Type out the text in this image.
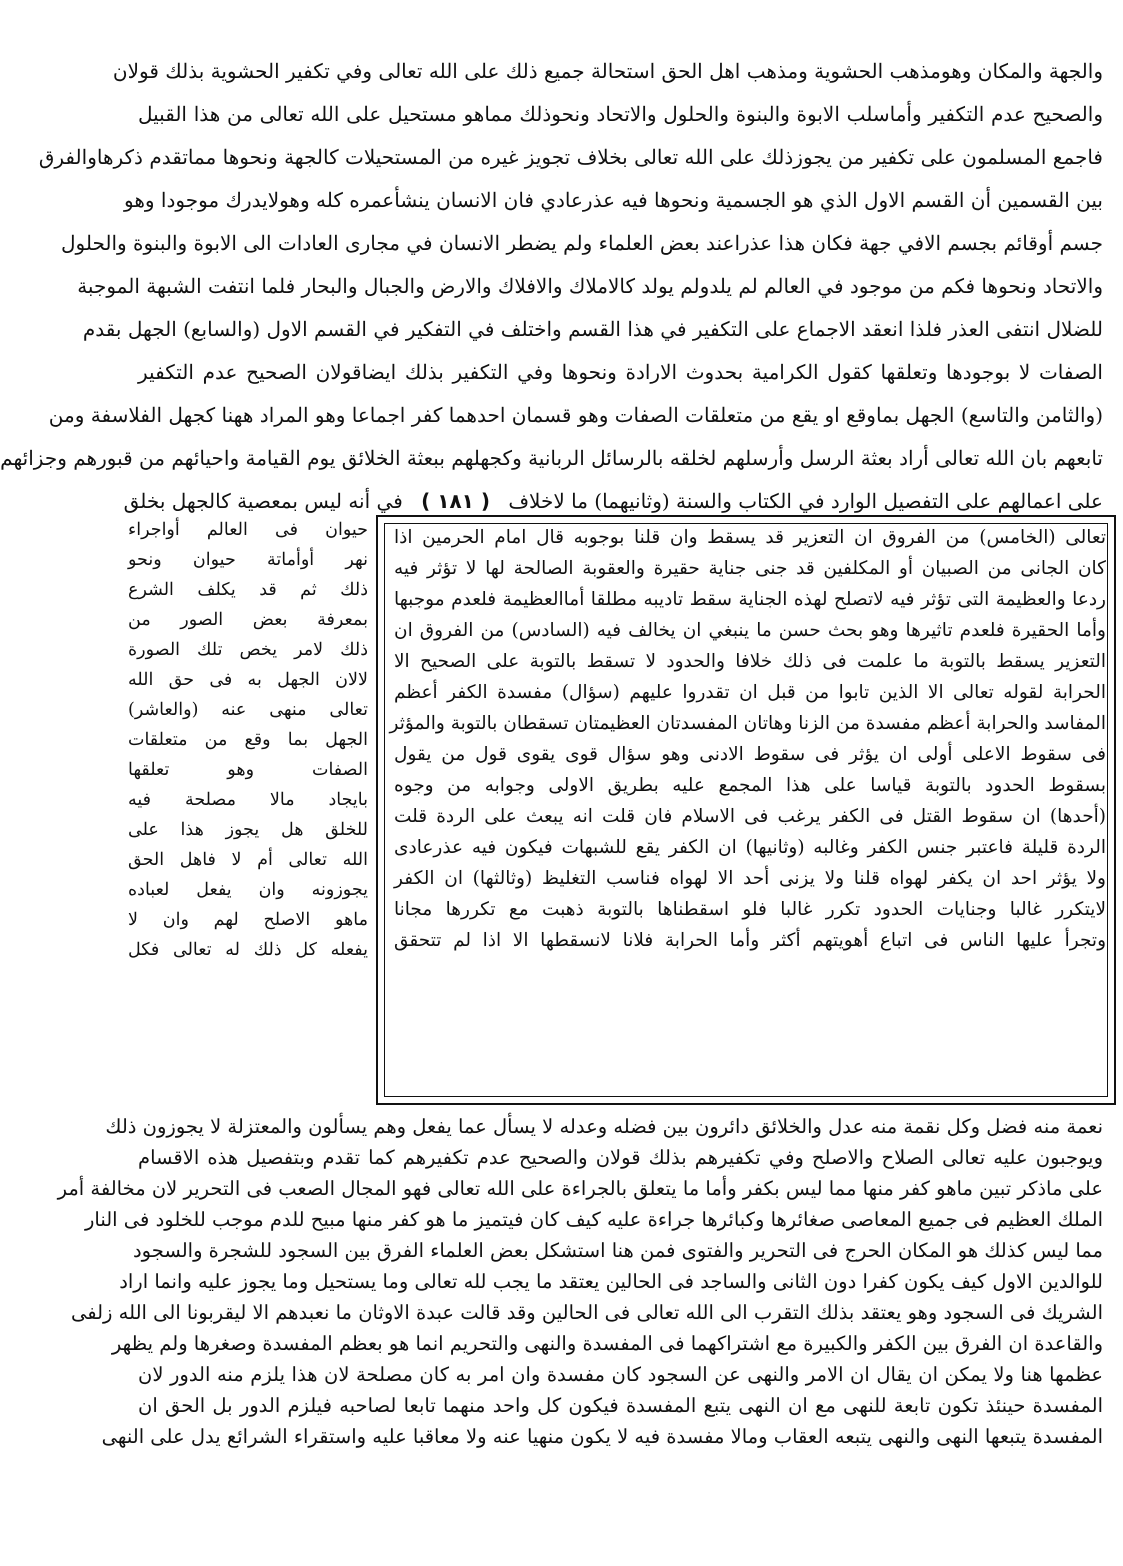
والجهة والمكان وهومذهب الحشوية ومذهب اهل الحق استحالة جميع ذلك على الله تعالى وفي تكفير الحشوية بذلك قولان
والصحيح عدم التكفير وأماسلب الابوة والبنوة والحلول والاتحاد ونحوذلك مماهو مستحيل على الله تعالى من هذا القبيل
فاجمع المسلمون على تكفير من يجوزذلك على الله تعالى بخلاف تجويز غيره من المستحيلات كالجهة ونحوها مماتقدم ذكرهاوالفرق
بين القسمين أن القسم الاول الذي هو الجسمية ونحوها فيه عذرعادي فان الانسان ينشأعمره كله وهولايدرك موجودا وهو
جسم أوقائم بجسم الافي جهة فكان هذا عذراعند بعض العلماء ولم يضطر الانسان في مجارى العادات الى الابوة والبنوة والحلول
والاتحاد ونحوها فكم من موجود في العالم لم يلدولم يولد كالاملاك والافلاك والارض والجبال والبحار فلما انتفت الشبهة الموجبة
للضلال انتفى العذر فلذا انعقد الاجماع على التكفير في هذا القسم واختلف في التفكير في القسم الاول (والسابع) الجهل بقدم
الصفات لا بوجودها وتعلقها كقول الكرامية بحدوث الارادة ونحوها وفي التكفير بذلك ايضاقولان الصحيح عدم التكفير
(والثامن والتاسع) الجهل بماوقع او يقع من متعلقات الصفات وهو قسمان احدهما كفر اجماعا وهو المراد ههنا كجهل الفلاسفة ومن
تابعهم بان الله تعالى أراد بعثة الرسل وأرسلهم لخلقه بالرسائل الربانية وكجهلهم ببعثة الخلائق يوم القيامة واحيائهم من قبورهم وجزائهم
على اعمالهم على التفصيل الوارد في الكتاب والسنة (وثانيهما) ما لاخلاف ( ١٨١ ) في أنه ليس بمعصية كالجهل بخلق
تعالى (الخامس) من الفروق ان التعزير قد يسقط وان قلنا بوجوبه قال امام الحرمين اذا
كان الجانى من الصبيان أو المكلفين قد جنى جناية حقيرة والعقوبة الصالحة لها لا تؤثر فيه
ردعا والعظيمة التى تؤثر فيه لاتصلح لهذه الجناية سقط تاديبه مطلقا أماالعظيمة فلعدم موجبها
وأما الحقيرة فلعدم تاثيرها وهو بحث حسن ما ينبغي ان يخالف فيه (السادس) من الفروق ان
التعزير يسقط بالتوبة ما علمت فى ذلك خلافا والحدود لا تسقط بالتوبة على الصحيح الا
الحرابة لقوله تعالى الا الذين تابوا من قبل ان تقدروا عليهم (سؤال) مفسدة الكفر أعظم
المفاسد والحرابة أعظم مفسدة من الزنا وهاتان المفسدتان العظيمتان تسقطان بالتوبة والمؤثر
فى سقوط الاعلى أولى ان يؤثر فى سقوط الادنى وهو سؤال قوى يقوى قول من يقول
بسقوط الحدود بالتوبة قياسا على هذا المجمع عليه بطريق الاولى وجوابه من وجوه
(أحدها) ان سقوط القتل فى الكفر يرغب فى الاسلام فان قلت انه يبعث على الردة قلت
الردة قليلة فاعتبر جنس الكفر وغالبه (وثانيها) ان الكفر يقع للشبهات فيكون فيه عذرعادى
ولا يؤثر احد ان يكفر لهواه قلنا ولا يزنى أحد الا لهواه فناسب التغليظ (وثالثها) ان الكفر
لايتكرر غالبا وجنايات الحدود تكرر غالبا فلو اسقطناها بالتوبة ذهبت مع تكررها مجانا
وتجرأ عليها الناس فى اتباع أهويتهم أكثر وأما الحرابة فلانا لانسقطها الا اذا لم تتحقق
حيوان فى العالم أواجراء
نهر أوأماتة حيوان ونحو
ذلك ثم قد يكلف الشرع
بمعرفة بعض الصور من
ذلك لامر يخص تلك الصورة
لالان الجهل به فى حق الله
تعالى منهى عنه (والعاشر)
الجهل بما وقع من متعلقات
الصفات وهو تعلقها
بايجاد مالا مصلحة فيه
للخلق هل يجوز هذا على
الله تعالى أم لا فاهل الحق
يجوزونه وان يفعل لعباده
ماهو الاصلح لهم وان لا
يفعله كل ذلك له تعالى فكل
نعمة منه فضل وكل نقمة منه عدل والخلائق دائرون بين فضله وعدله لا يسأل عما يفعل وهم يسألون والمعتزلة لا يجوزون ذلك
ويوجبون عليه تعالى الصلاح والاصلح وفي تكفيرهم بذلك قولان والصحيح عدم تكفيرهم كما تقدم وبتفصيل هذه الاقسام
على ماذكر تبين ماهو كفر منها مما ليس بكفر وأما ما يتعلق بالجراءة على الله تعالى فهو المجال الصعب فى التحرير لان مخالفة أمر
الملك العظيم فى جميع المعاصى صغائرها وكبائرها جراءة عليه كيف كان فيتميز ما هو كفر منها مبيح للدم موجب للخلود فى النار
مما ليس كذلك هو المكان الحرج فى التحرير والفتوى فمن هنا استشكل بعض العلماء الفرق بين السجود للشجرة والسجود
للوالدين الاول كيف يكون كفرا دون الثانى والساجد فى الحالين يعتقد ما يجب لله تعالى وما يستحيل وما يجوز عليه وانما اراد
الشريك فى السجود وهو يعتقد بذلك التقرب الى الله تعالى فى الحالين وقد قالت عبدة الاوثان ما نعبدهم الا ليقربونا الى الله زلفى
والقاعدة ان الفرق بين الكفر والكبيرة مع اشتراكهما فى المفسدة والنهى والتحريم انما هو بعظم المفسدة وصغرها ولم يظهر
عظمها هنا ولا يمكن ان يقال ان الامر والنهى عن السجود كان مفسدة وان امر به كان مصلحة لان هذا يلزم منه الدور لان
المفسدة حينئذ تكون تابعة للنهى مع ان النهى يتبع المفسدة فيكون كل واحد منهما تابعا لصاحبه فيلزم الدور بل الحق ان
المفسدة يتبعها النهى والنهى يتبعه العقاب ومالا مفسدة فيه لا يكون منهيا عنه ولا معاقبا عليه واستقراء الشرائع يدل على النهى
